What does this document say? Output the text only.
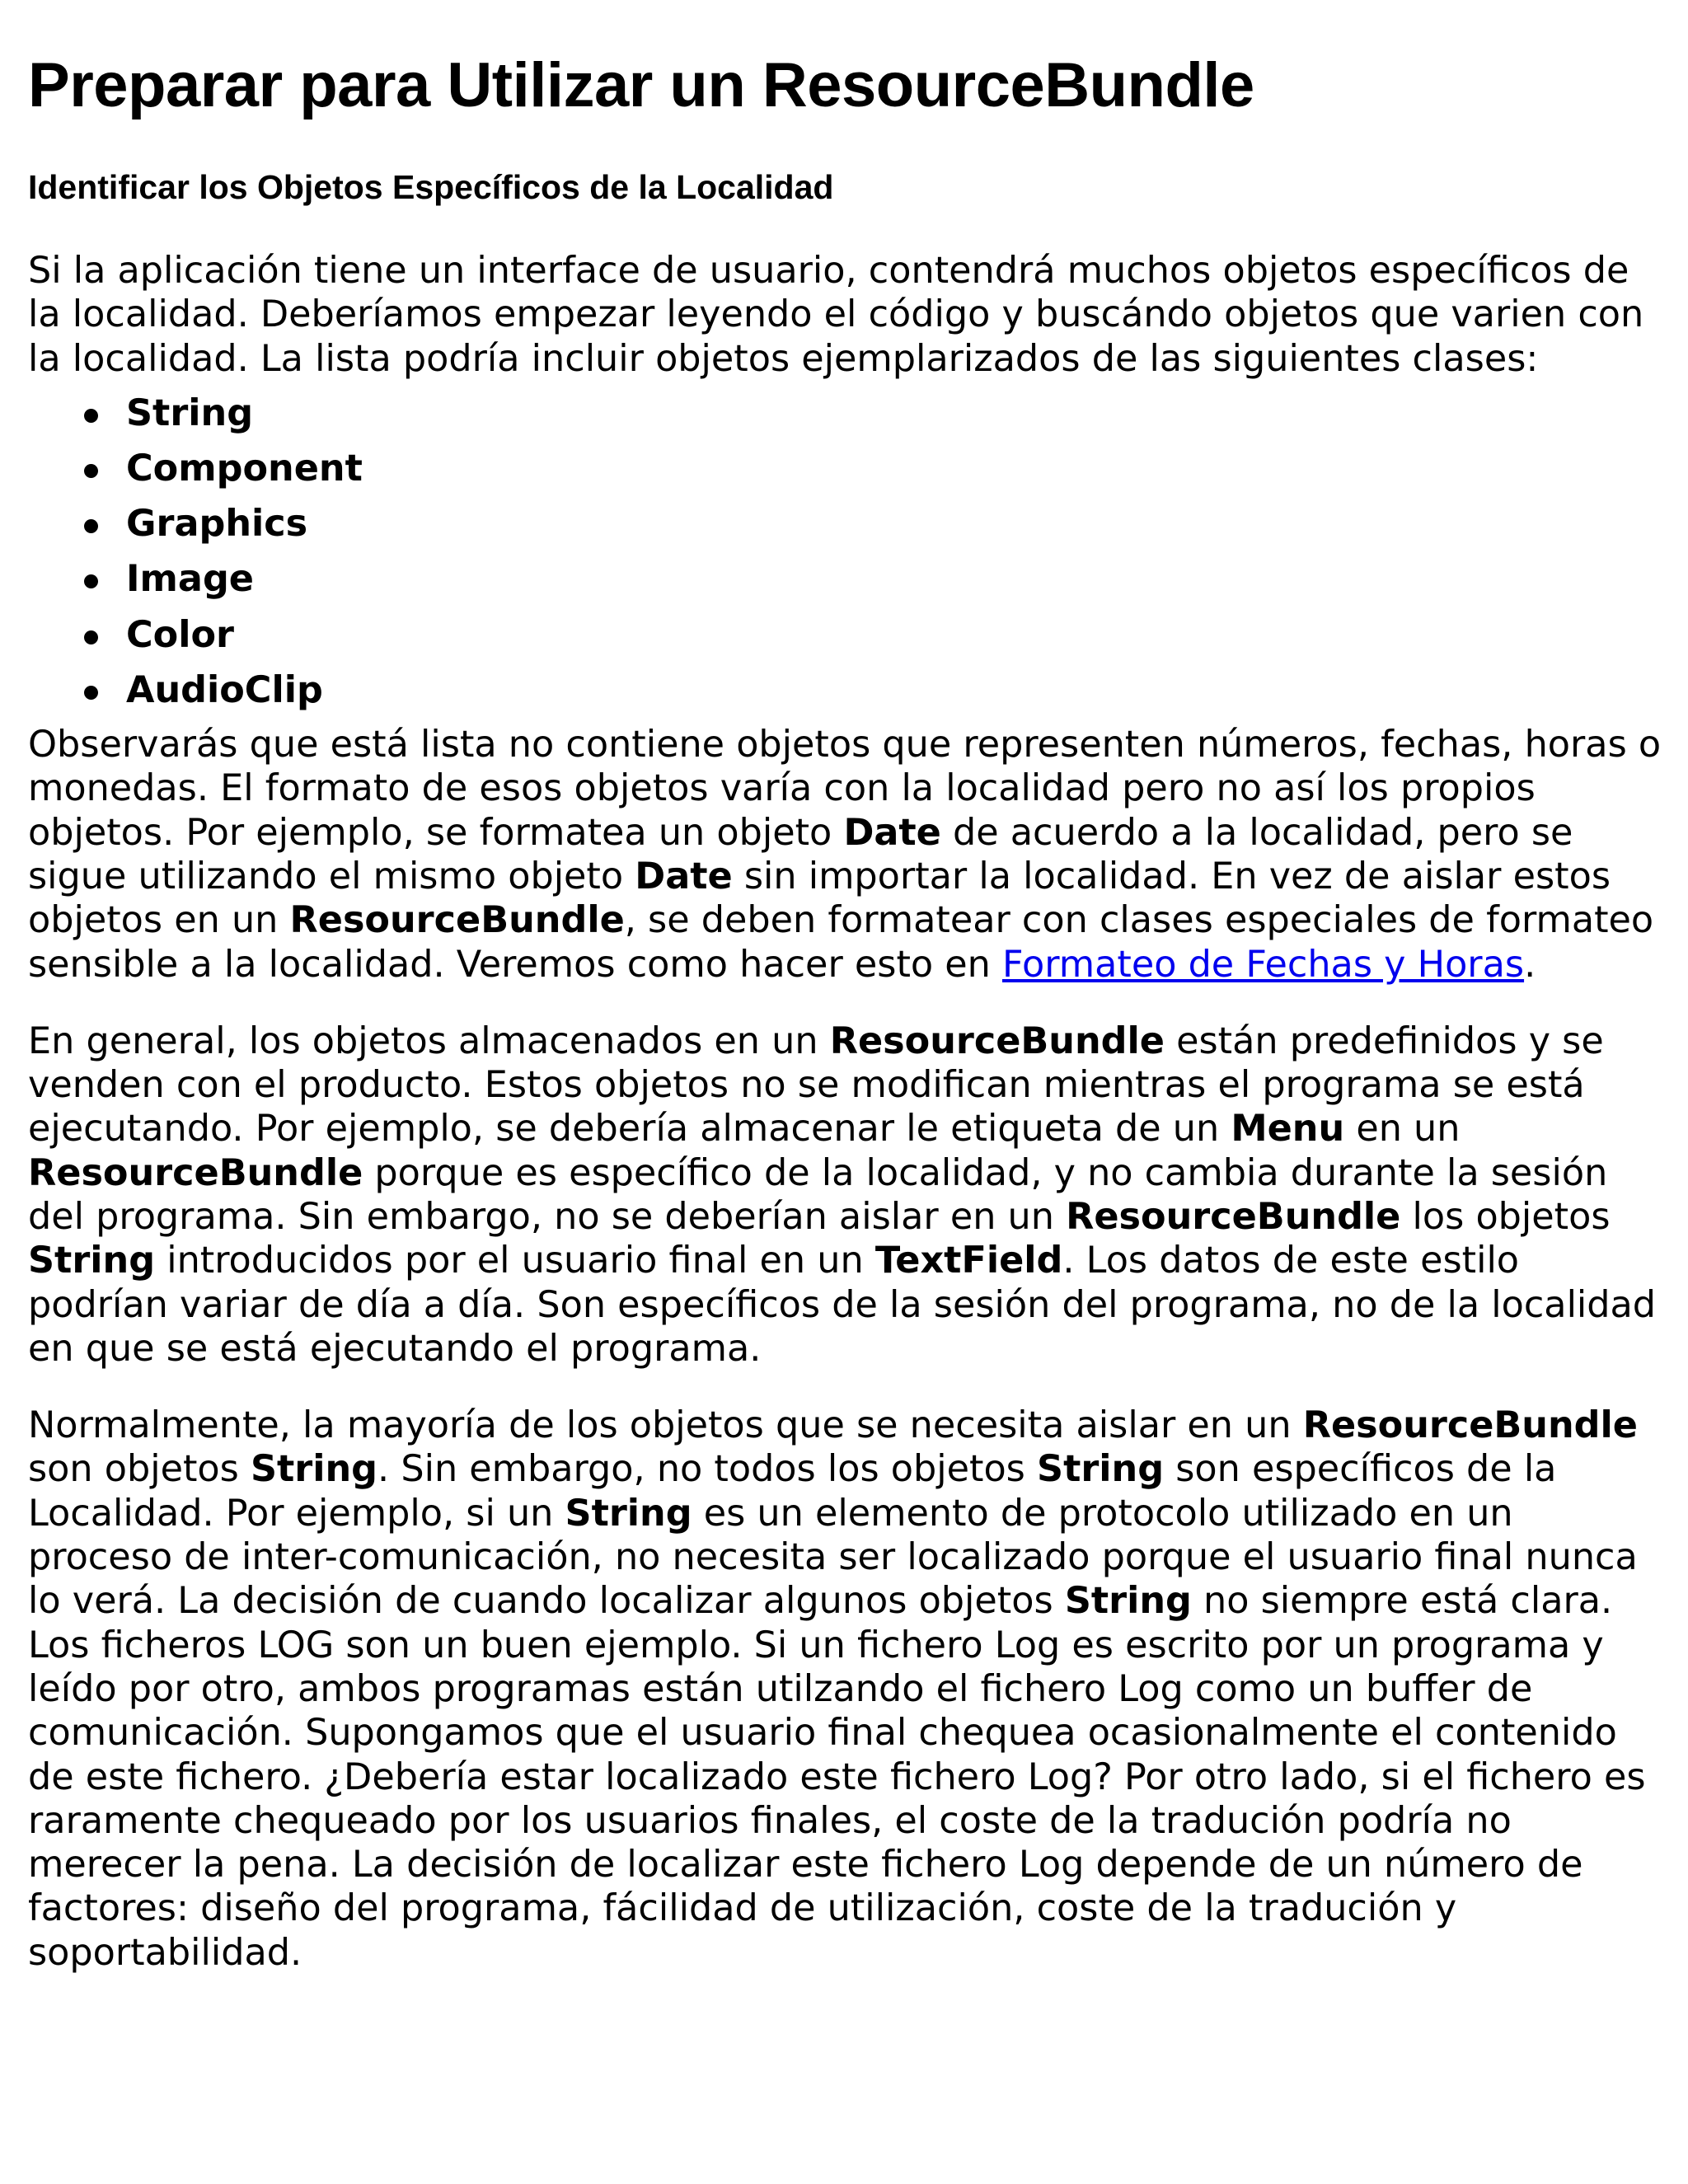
Preparar para Utilizar un ResourceBundle
Identificar los Objetos Específicos de la Localidad

Si la aplicación tiene un interface de usuario, contendrá muchos objetos específicos de la localidad. Deberíamos empezar leyendo el código y buscándo objetos que varien con la localidad. La lista podría incluir objetos ejemplarizados de las siguientes clases:

String
Component
Graphics
Image
Color
AudioClip

Observarás que está lista no contiene objetos que representen números, fechas, horas o monedas. El formato de esos objetos varía con la localidad pero no así los propios objetos. Por ejemplo, se formatea un objeto Date de acuerdo a la localidad, pero se sigue utilizando el mismo objeto Date sin importar la localidad. En vez de aislar estos objetos en un ResourceBundle, se deben formatear con clases especiales de formateo sensible a la localidad. Veremos como hacer esto en Formateo de Fechas y Horas.

En general, los objetos almacenados en un ResourceBundle están predefinidos y se venden con el producto. Estos objetos no se modifican mientras el programa se está ejecutando. Por ejemplo, se debería almacenar le etiqueta de un Menu en un ResourceBundle porque es específico de la localidad, y no cambia durante la sesión del programa. Sin embargo, no se deberían aislar en un ResourceBundle los objetos String introducidos por el usuario final en un TextField. Los datos de este estilo podrían variar de día a día. Son específicos de la sesión del programa, no de la localidad en que se está ejecutando el programa.

Normalmente, la mayoría de los objetos que se necesita aislar en un ResourceBundle son objetos String. Sin embargo, no todos los objetos String son específicos de la Localidad. Por ejemplo, si un String es un elemento de protocolo utilizado en un proceso de inter-comunicación, no necesita ser localizado porque el usuario final nunca lo verá. La decisión de cuando localizar algunos objetos String no siempre está clara. Los ficheros LOG son un buen ejemplo. Si un fichero Log es escrito por un programa y leído por otro, ambos programas están utilzando el fichero Log como un buffer de comunicación. Supongamos que el usuario final chequea ocasionalmente el contenido de este fichero. ¿Debería estar localizado este fichero Log? Por otro lado, si el fichero es raramente chequeado por los usuarios finales, el coste de la tradución podría no merecer la pena. La decisión de localizar este fichero Log depende de un número de factores: diseño del programa, fácilidad de utilización, coste de la tradución y soportabilidad.
